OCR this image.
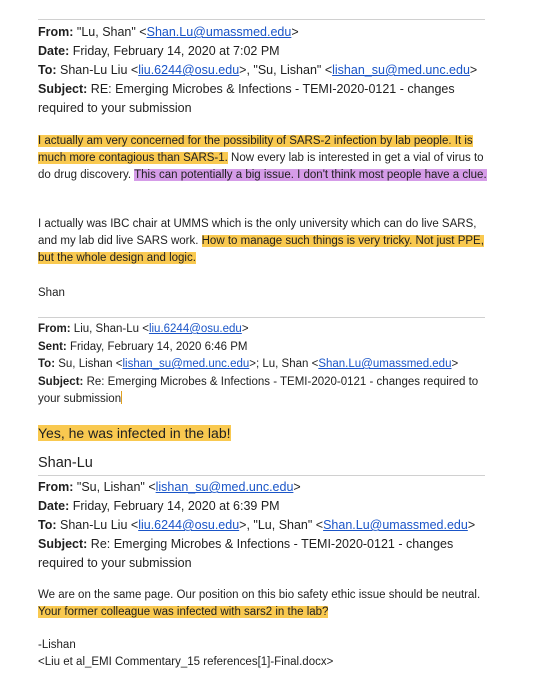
From: "Lu, Shan" <Shan.Lu@umassmed.edu>
Date: Friday, February 14, 2020 at 7:02 PM
To: Shan-Lu Liu <liu.6244@osu.edu>, "Su, Lishan" <lishan_su@med.unc.edu>
Subject: RE: Emerging Microbes & Infections - TEMI-2020-0121 - changes required to your submission
I actually am very concerned for the possibility of SARS-2 infection by lab people. It is much more contagious than SARS-1. Now every lab is interested in get a vial of virus to do drug discovery. This can potentially a big issue. I don't think most people have a clue.
I actually was IBC chair at UMMS which is the only university which can do live SARS, and my lab did live SARS work. How to manage such things is very tricky. Not just PPE, but the whole design and logic.
Shan
From: Liu, Shan-Lu <liu.6244@osu.edu>
Sent: Friday, February 14, 2020 6:46 PM
To: Su, Lishan <lishan_su@med.unc.edu>; Lu, Shan <Shan.Lu@umassmed.edu>
Subject: Re: Emerging Microbes & Infections - TEMI-2020-0121 - changes required to your submission
Yes, he was infected in the lab!
Shan-Lu
From: "Su, Lishan" <lishan_su@med.unc.edu>
Date: Friday, February 14, 2020 at 6:39 PM
To: Shan-Lu Liu <liu.6244@osu.edu>, "Lu, Shan" <Shan.Lu@umassmed.edu>
Subject: Re: Emerging Microbes & Infections - TEMI-2020-0121 - changes required to your submission
We are on the same page. Our position on this bio safety ethic issue should be neutral.
Your former colleague was infected with sars2 in the lab?
-Lishan
<Liu et al_EMI Commentary_15 references[1]-Final.docx>
